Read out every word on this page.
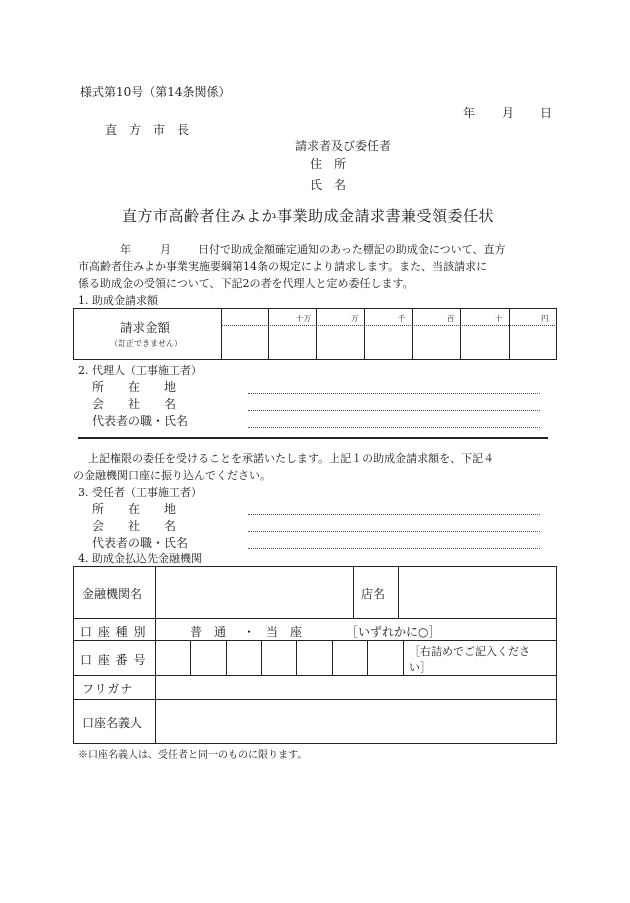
様式第10号（第14条関係）
年 月 日
直　方　市　長
請求者及び委任者
住　所
氏　名
直方市高齢者住みよか事業助成金請求書兼受領委任状
年	月 日付で助成金額確定通知のあった標記の助成金について、直方
市高齢者住みよか事業実施要綱第14条の規定により請求します。また、当該請求に
係る助成金の受領について、下記2の者を代理人と定め委任します。
1. 助成金請求額
請求金額
（訂正できません）
十万	万	千	百	十	円
2. 代理人（工事施工者）
所　　在　　地
会　　社　　名
代表者の職・氏名
上記権限の委任を受けることを承諾いたします。上記１の助成金請求額を、下記４
の金融機関口座に振り込んでください。
3. 受任者（工事施工者）
所　　在　　地
会　　社　　名
代表者の職・氏名
4. 助成金払込先金融機関
金融機関名	店名
口 座 種 別	普　通 ・ 当　座	［いずれかに○］
口 座 番 号
［右詰めでご記入くださ
い］
フリガナ
口座名義人
※口座名義人は、受任者と同一のものに限ります。
